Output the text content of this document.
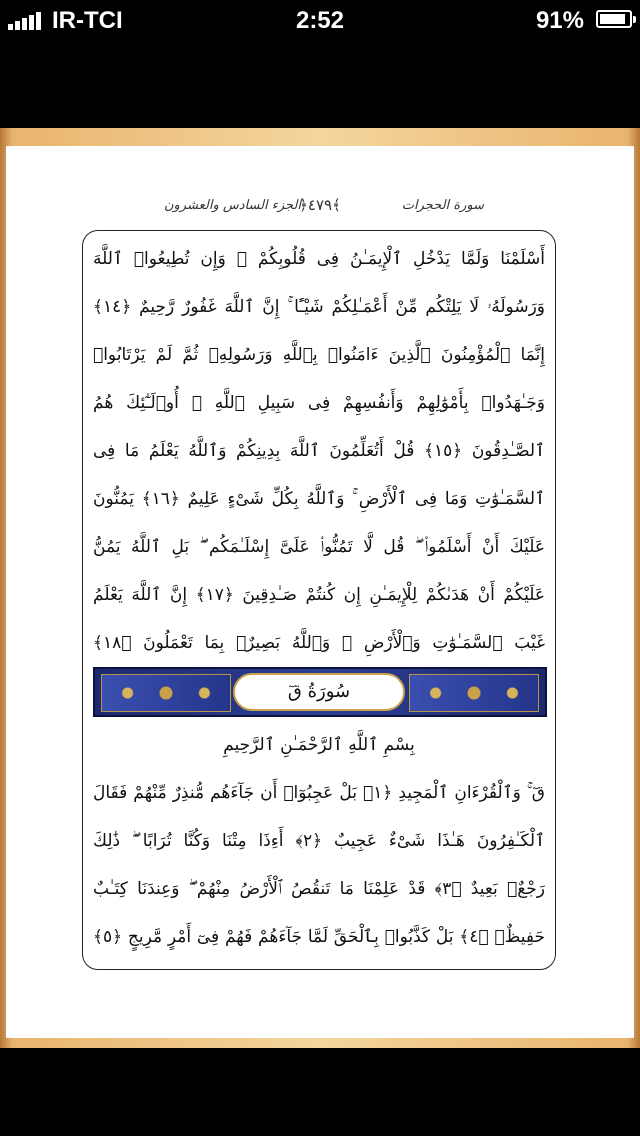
IR-TCI	2:52	91%
الجزء السادس والعشرون
﴿٤٧٩﴾	سورة الحجرات
أَسْلَمْنَا وَلَمَّا يَدْخُلِ ٱلْإِيمَـٰنُ فِى قُلُوبِكُمْ ۖ وَإِن تُطِيعُوا۟ ٱللَّهَ
وَرَسُولَهُۥ لَا يَلِتْكُم مِّنْ أَعْمَـٰلِكُمْ شَيْـًٔا ۚ إِنَّ ٱللَّهَ غَفُورٌ رَّحِيمٌ ﴿١٤﴾
إِنَّمَا ٱلْمُؤْمِنُونَ ٱلَّذِينَ ءَامَنُوا۟ بِٱللَّهِ وَرَسُولِهِۦ ثُمَّ لَمْ يَرْتَابُوا۟
وَجَـٰهَدُوا۟ بِأَمْوَٰلِهِمْ وَأَنفُسِهِمْ فِى سَبِيلِ ٱللَّهِ ۚ أُو۟لَـٰٓئِكَ هُمُ
ٱلصَّـٰدِقُونَ ﴿١٥﴾ قُلْ أَتُعَلِّمُونَ ٱللَّهَ بِدِينِكُمْ وَٱللَّهُ يَعْلَمُ مَا فِى
ٱلسَّمَـٰوَٰتِ وَمَا فِى ٱلْأَرْضِ ۚ وَٱللَّهُ بِكُلِّ شَىْءٍ عَلِيمٌ ﴿١٦﴾ يَمُنُّونَ
عَلَيْكَ أَنْ أَسْلَمُوا۟ ۖ قُل لَّا تَمُنُّوا۟ عَلَىَّ إِسْلَـٰمَكُم ۖ بَلِ ٱللَّهُ يَمُنُّ
عَلَيْكُمْ أَنْ هَدَىٰكُمْ لِلْإِيمَـٰنِ إِن كُنتُمْ صَـٰدِقِينَ ﴿١٧﴾ إِنَّ ٱللَّهَ يَعْلَمُ
غَيْبَ ٱلسَّمَـٰوَٰتِ وَٱلْأَرْضِ ۚ وَٱللَّهُ بَصِيرٌۢ بِمَا تَعْمَلُونَ ﴿١٨﴾
سُورَةُ قٓ
بِسْمِ ٱللَّهِ ٱلرَّحْمَـٰنِ ٱلرَّحِيمِ
قٓ ۚ وَٱلْقُرْءَانِ ٱلْمَجِيدِ ﴿١﴾ بَلْ عَجِبُوٓا۟ أَن جَآءَهُم مُّنذِرٌ مِّنْهُمْ فَقَالَ
ٱلْكَـٰفِرُونَ هَـٰذَا شَىْءٌ عَجِيبٌ ﴿٢﴾ أَءِذَا مِتْنَا وَكُنَّا تُرَابًا ۖ ذَٰلِكَ
رَجْعٌۢ بَعِيدٌ ﴿٣﴾ قَدْ عَلِمْنَا مَا تَنقُصُ ٱلْأَرْضُ مِنْهُمْ ۖ وَعِندَنَا كِتَـٰبٌ
حَفِيظٌۢ ﴿٤﴾ بَلْ كَذَّبُوا۟ بِٱلْحَقِّ لَمَّا جَآءَهُمْ فَهُمْ فِىٓ أَمْرٍ مَّرِيجٍ ﴿٥﴾
